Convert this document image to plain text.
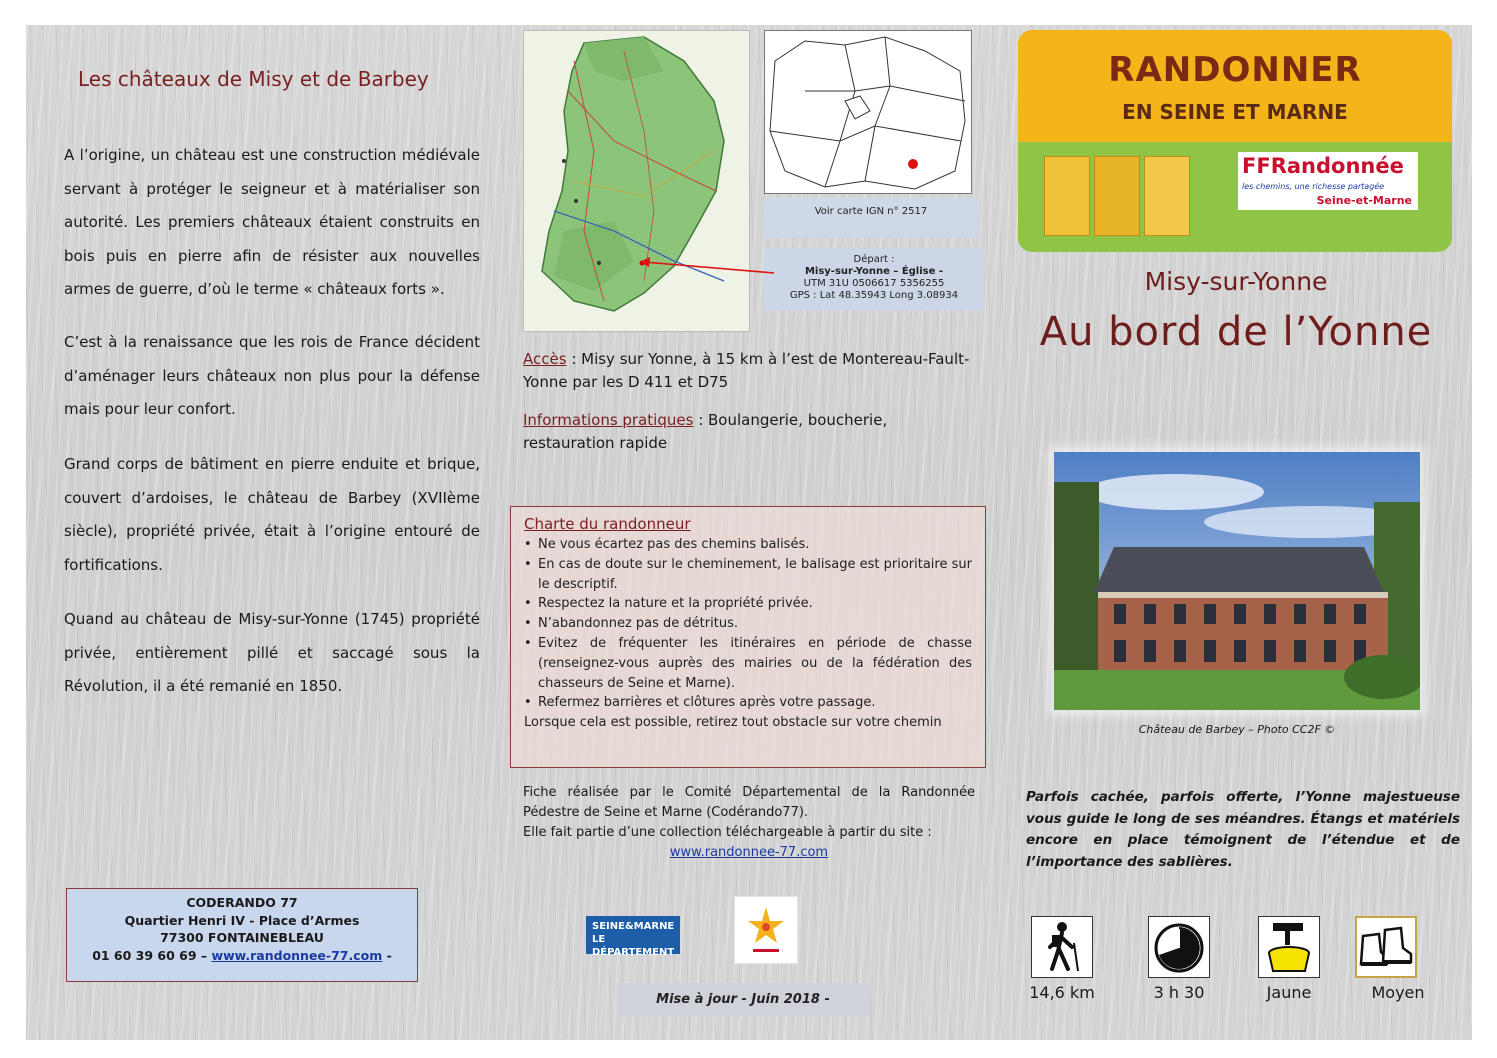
Les châteaux de Misy et de Barbey
A l’origine, un château est une construction médiévale servant à protéger le seigneur et à matérialiser son autorité. Les premiers châteaux étaient construits en bois puis en pierre afin de résister aux nouvelles armes de guerre, d’où le terme « châteaux forts ».
C’est à la renaissance que les rois de France décident d’aménager leurs châteaux non plus pour la défense mais pour leur confort.
Grand corps de bâtiment en pierre enduite et brique, couvert d’ardoises, le château de Barbey (XVIIème siècle), propriété privée, était à l’origine entouré de fortifications.
Quand au château de Misy-sur-Yonne (1745) propriété privée, entièrement pillé et saccagé sous la Révolution, il a été remanié en 1850.
CODERANDO 77
Quartier Henri IV - Place d’Armes
77300 FONTAINEBLEAU
01 60 39 60 69 – www.randonnee-77.com -
Voir carte IGN n° 2517
Départ :
Misy-sur-Yonne – Église -
UTM 31U 0506617 5356255
GPS : Lat 48.35943 Long 3.08934
Accès : Misy sur Yonne, à 15 km à l’est de Montereau-Fault-Yonne par les D 411 et D75
Informations pratiques : Boulangerie, boucherie, restauration rapide
Charte du randonneur
• Ne vous écartez pas des chemins balisés.
• En cas de doute sur le cheminement, le balisage est prioritaire sur le descriptif.
• Respectez la nature et la propriété privée.
• N’abandonnez pas de détritus.
• Evitez de fréquenter les itinéraires en période de chasse (renseignez-vous auprès des mairies ou de la fédération des chasseurs de Seine et Marne).
• Refermez barrières et clôtures après votre passage.
Lorsque cela est possible, retirez tout obstacle sur votre chemin
Fiche réalisée par le Comité Départemental de la Randonnée Pédestre de Seine et Marne (Codérando77).
Elle fait partie d’une collection téléchargeable à partir du site :
www.randonnee-77.com
SEINE&MARNE
LE DÉPARTEMENT
Mise à jour - Juin 2018 -
RANDONNER
EN SEINE ET MARNE
FFRandonnée
les chemins, une richesse partagée
Seine-et-Marne
Misy-sur-Yonne
Au bord de l’Yonne
Château de Barbey – Photo CC2F ©
Parfois cachée, parfois offerte, l’Yonne majestueuse vous guide le long de ses méandres. Étangs et matériels encore en place témoignent de l’étendue et de l’importance des sablières.
14,6 km	3 h 30	Jaune	Moyen
